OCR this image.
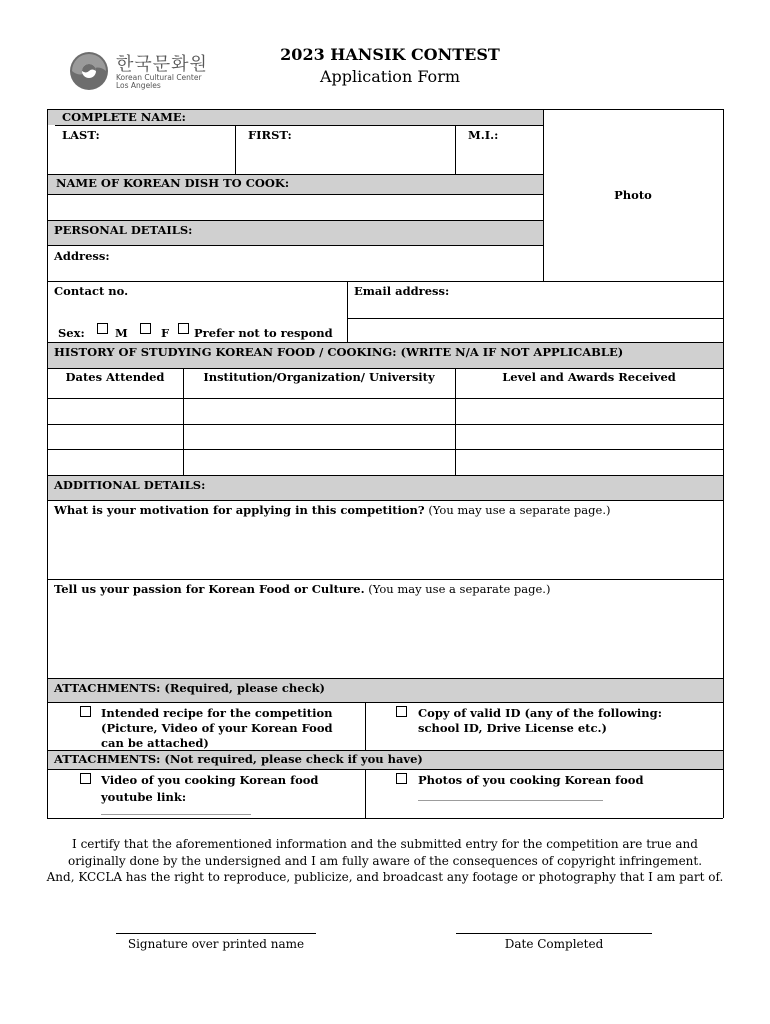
한국문화원
Korean Cultural Center
Los Angeles
2023 HANSIK CONTEST
Application Form
COMPLETE NAME:
LAST:	FIRST:	M.I.:
Photo
NAME OF KOREAN DISH TO COOK:
PERSONAL DETAILS:
Address:
Contact no.	Email address:
Sex:	M	F Prefer not to respond
HISTORY OF STUDYING KOREAN FOOD / COOKING: (WRITE N/A IF NOT APPLICABLE)
Dates Attended	Institution/Organization/ University	Level and Awards Received
ADDITIONAL DETAILS:
What is your motivation for applying in this competition? (You may use a separate page.)
Tell us your passion for Korean Food or Culture. (You may use a separate page.)
ATTACHMENTS: (Required, please check)
Intended recipe for the competition
(Picture, Video of your Korean Food
can be attached)
Copy of valid ID (any of the following:
school ID, Drive License etc.)
ATTACHMENTS: (Not required, please check if you have)
Video of you cooking Korean food
youtube link:
______________________________
Photos of you cooking Korean food
_____________________________________
I certify that the aforementioned information and the submitted entry for the competition are true and
originally done by the undersigned and I am fully aware of the consequences of copyright infringement.
And, KCCLA has the right to reproduce, publicize, and broadcast any footage or photography that I am part of.
Signature over printed name	Date Completed
